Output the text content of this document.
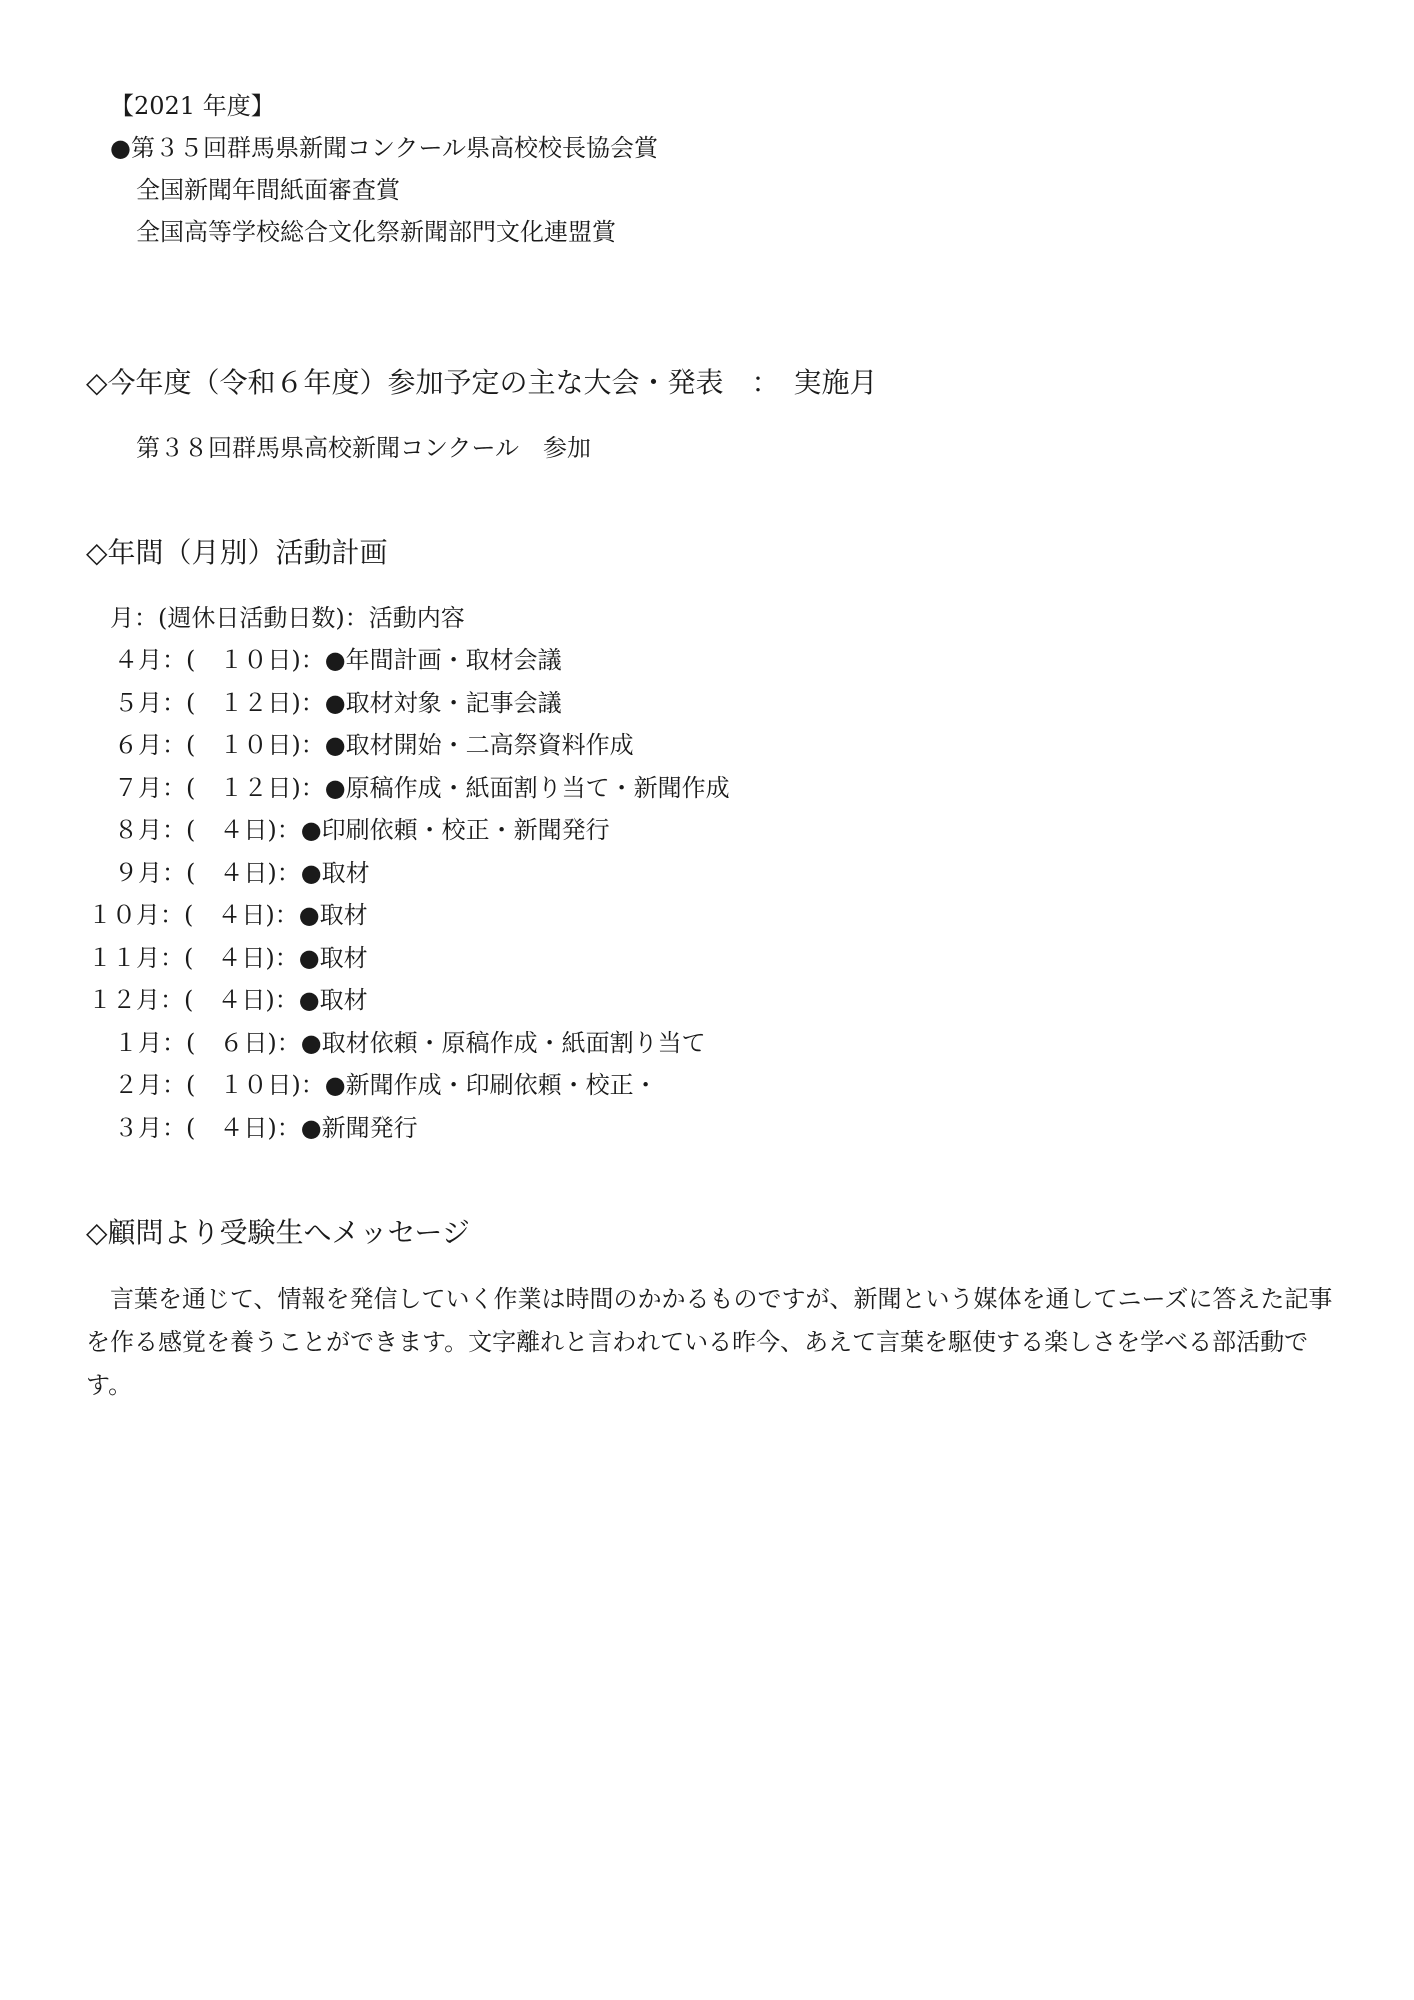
【2021 年度】
●第３５回群馬県新聞コンクール県高校校長協会賞
全国新聞年間紙面審査賞
全国高等学校総合文化祭新聞部門文化連盟賞
◇今年度（令和６年度）参加予定の主な大会・発表　：　実施月
第３８回群馬県高校新聞コンクール　参加
◇年間（月別）活動計画
月：(週休日活動日数)：活動内容
４月：(　１０日)：●年間計画・取材会議
５月：(　１２日)：●取材対象・記事会議
６月：(　１０日)：●取材開始・二高祭資料作成
７月：(　１２日)：●原稿作成・紙面割り当て・新聞作成
８月：(　４日)：●印刷依頼・校正・新聞発行
９月：(　４日)：●取材
１０月：(　４日)：●取材
１１月：(　４日)：●取材
１２月：(　４日)：●取材
１月：(　６日)：●取材依頼・原稿作成・紙面割り当て
２月：(　１０日)：●新聞作成・印刷依頼・校正・
３月：(　４日)：●新聞発行
◇顧問より受験生へメッセージ
言葉を通じて、情報を発信していく作業は時間のかかるものですが、新聞という媒体を通してニーズに答えた記事を作る感覚を養うことができます。文字離れと言われている昨今、あえて言葉を駆使する楽しさを学べる部活動です。
